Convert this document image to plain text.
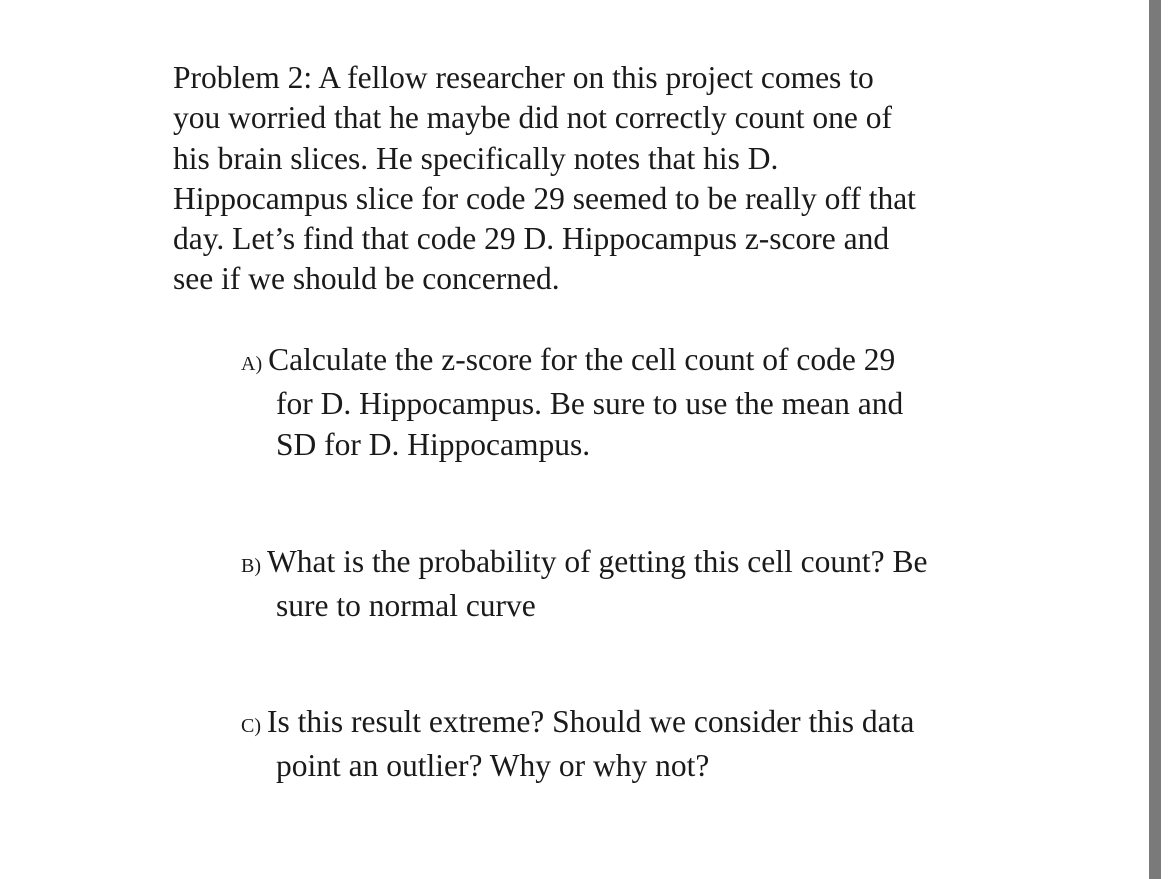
Problem 2: A fellow researcher on this project comes to
you worried that he maybe did not correctly count one of
his brain slices. He specifically notes that his D.
Hippocampus slice for code 29 seemed to be really off that
day. Let’s find that code 29 D. Hippocampus z-score and
see if we should be concerned.
A) Calculate the z-score for the cell count of code 29
for D. Hippocampus. Be sure to use the mean and
SD for D. Hippocampus.
B) What is the probability of getting this cell count? Be
sure to normal curve
C) Is this result extreme? Should we consider this data
point an outlier? Why or why not?
